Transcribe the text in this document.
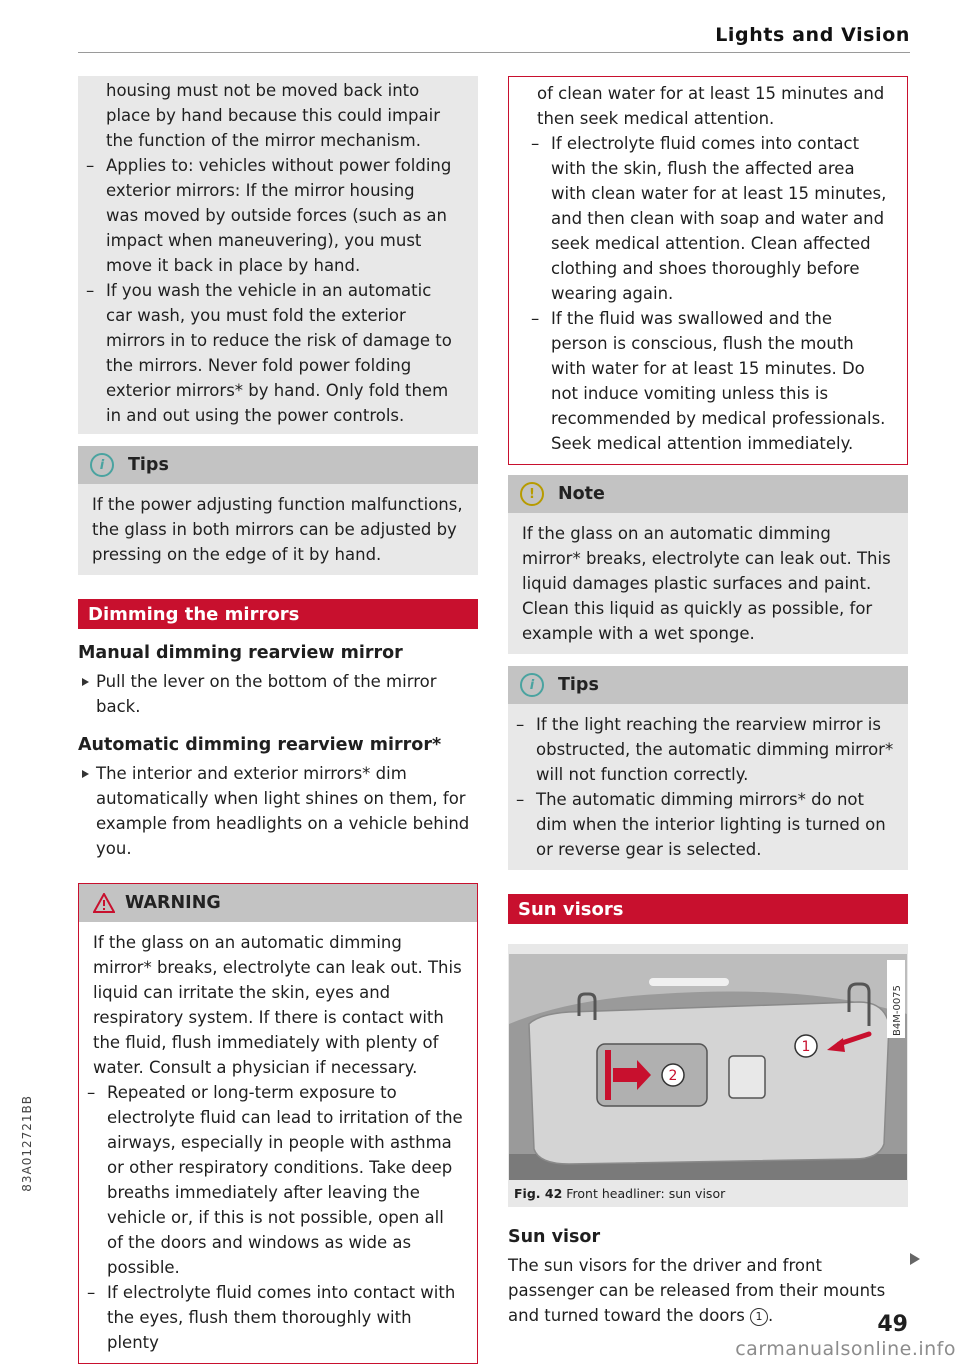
Lights and Vision
83A012721BB

housing must not be moved back into place by hand because this could impair the function of the mirror mechanism.

– Applies to: vehicles without power folding exterior mirrors: If the mirror housing was moved by outside forces (such as an impact when maneuvering), you must move it back in place by hand.
– If you wash the vehicle in an automatic car wash, you must fold the exterior mirrors in to reduce the risk of damage to the mirrors. Never fold power folding exterior mirrors* by hand. Only fold them in and out using the power controls.
i	Tips

If the power adjusting function malfunctions, the glass in both mirrors can be adjusted by pressing on the edge of it by hand.

Dimming the mirrors
Manual dimming rearview mirror

Pull the lever on the bottom of the mirror back.

Automatic dimming rearview mirror*

The interior and exterior mirrors* dim automatically when light shines on them, for example from headlights on a vehicle behind you.

WARNING

If the glass on an automatic dimming mirror* breaks, electrolyte can leak out. This liquid can irritate the skin, eyes and respiratory system. If there is contact with the fluid, flush immediately with plenty of water. Consult a physician if necessary.

– Repeated or long-term exposure to electrolyte fluid can lead to irritation of the airways, especially in people with asthma or other respiratory conditions. Take deep breaths immediately after leaving the vehicle or, if this is not possible, open all of the doors and windows as wide as possible.
– If electrolyte fluid comes into contact with the eyes, flush them thoroughly with plenty

of clean water for at least 15 minutes and then seek medical attention.

– If electrolyte fluid comes into contact with the skin, flush the affected area with clean water for at least 15 minutes, and then clean with soap and water and seek medical attention. Clean affected clothing and shoes thoroughly before wearing again.
– If the fluid was swallowed and the person is conscious, flush the mouth with water for at least 15 minutes. Do not induce vomiting unless this is recommended by medical professionals. Seek medical attention immediately.
!	Note

If the glass on an automatic dimming mirror* breaks, electrolyte can leak out. This liquid damages plastic surfaces and paint. Clean this liquid as quickly as possible, for example with a wet sponge.

i	Tips
– If the light reaching the rearview mirror is obstructed, the automatic dimming mirror* will not function correctly.
– The automatic dimming mirrors* do not dim when the interior lighting is turned on or reverse gear is selected.
Sun visors
1
2
B4M-0075
Fig. 42 Front headliner: sun visor
Sun visor

The sun visors for the driver and front passenger can be released from their mounts and turned toward the doors 1 .	49
carmanualsonline.info
